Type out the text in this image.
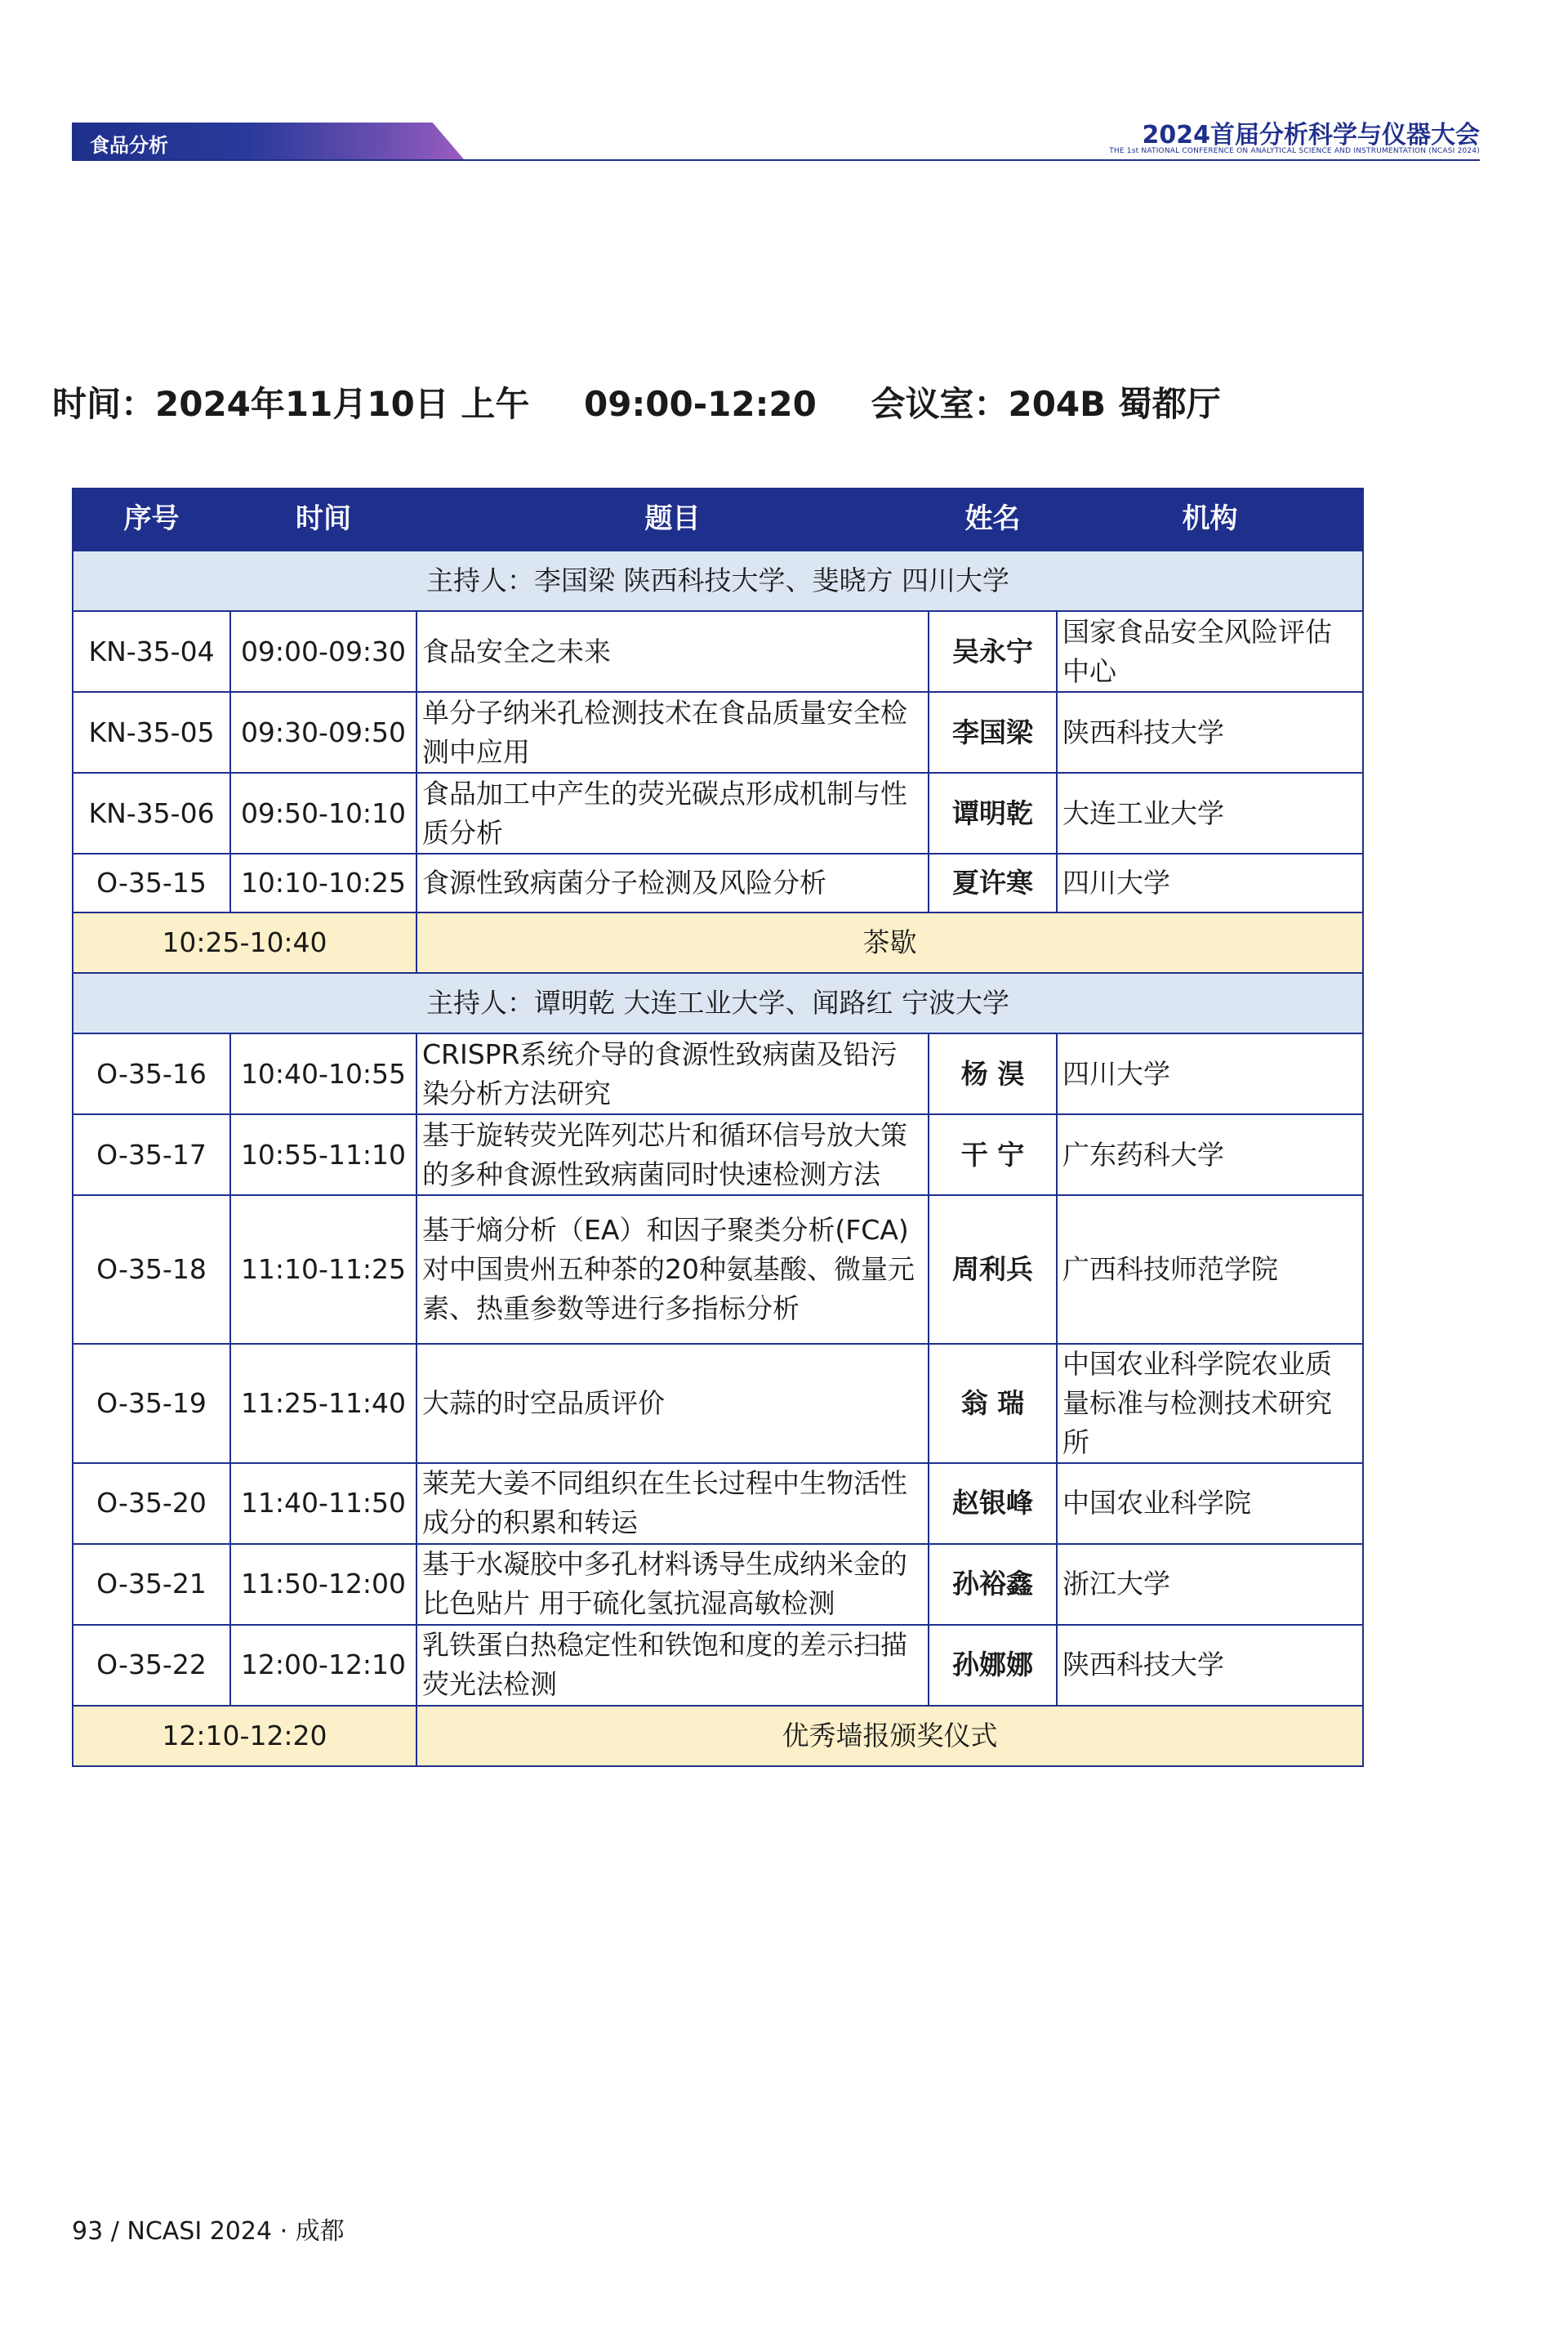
食品分析	2024首届分析科学与仪器大会
THE 1st NATIONAL CONFERENCE ON ANALYTICAL SCIENCE AND INSTRUMENTATION (NCASI 2024)
时间：2024年11月10日 上午 09:00-12:20 会议室：204B 蜀都厅
序号	时间	题目	姓名	机构
主持人：李国梁 陕西科技大学、斐晓方 四川大学				
KN-35-04	09:00-09:30	食品安全之未来	吴永宁	国家食品安全风险评估中心
KN-35-05	09:30-09:50	单分子纳米孔检测技术在食品质量安全检测中应用	李国梁	陕西科技大学
KN-35-06	09:50-10:10	食品加工中产生的荧光碳点形成机制与性质分析	谭明乾	大连工业大学
O-35-15	10:10-10:25	食源性致病菌分子检测及风险分析	夏许寒	四川大学
10:25-10:40		茶歇		
主持人：谭明乾 大连工业大学、闻路红 宁波大学				
O-35-16	10:40-10:55	CRISPR系统介导的食源性致病菌及铅污染分析方法研究	杨 淏	四川大学
O-35-17	10:55-11:10	基于旋转荧光阵列芯片和循环信号放大策的多种食源性致病菌同时快速检测方法	干 宁	广东药科大学
O-35-18	11:10-11:25	基于熵分析（EA）和因子聚类分析(FCA)对中国贵州五种茶的20种氨基酸、微量元素、热重参数等进行多指标分析	周利兵	广西科技师范学院
O-35-19	11:25-11:40	大蒜的时空品质评价	翁 瑞	中国农业科学院农业质量标准与检测技术研究所
O-35-20	11:40-11:50	莱芜大姜不同组织在生长过程中生物活性成分的积累和转运	赵银峰	中国农业科学院
O-35-21	11:50-12:00	基于水凝胶中多孔材料诱导生成纳米金的比色贴片 用于硫化氢抗湿高敏检测	孙裕鑫	浙江大学
O-35-22	12:00-12:10	乳铁蛋白热稳定性和铁饱和度的差示扫描荧光法检测	孙娜娜	陕西科技大学
12:10-12:20		优秀墙报颁奖仪式		
93 / NCASI 2024 · 成都
